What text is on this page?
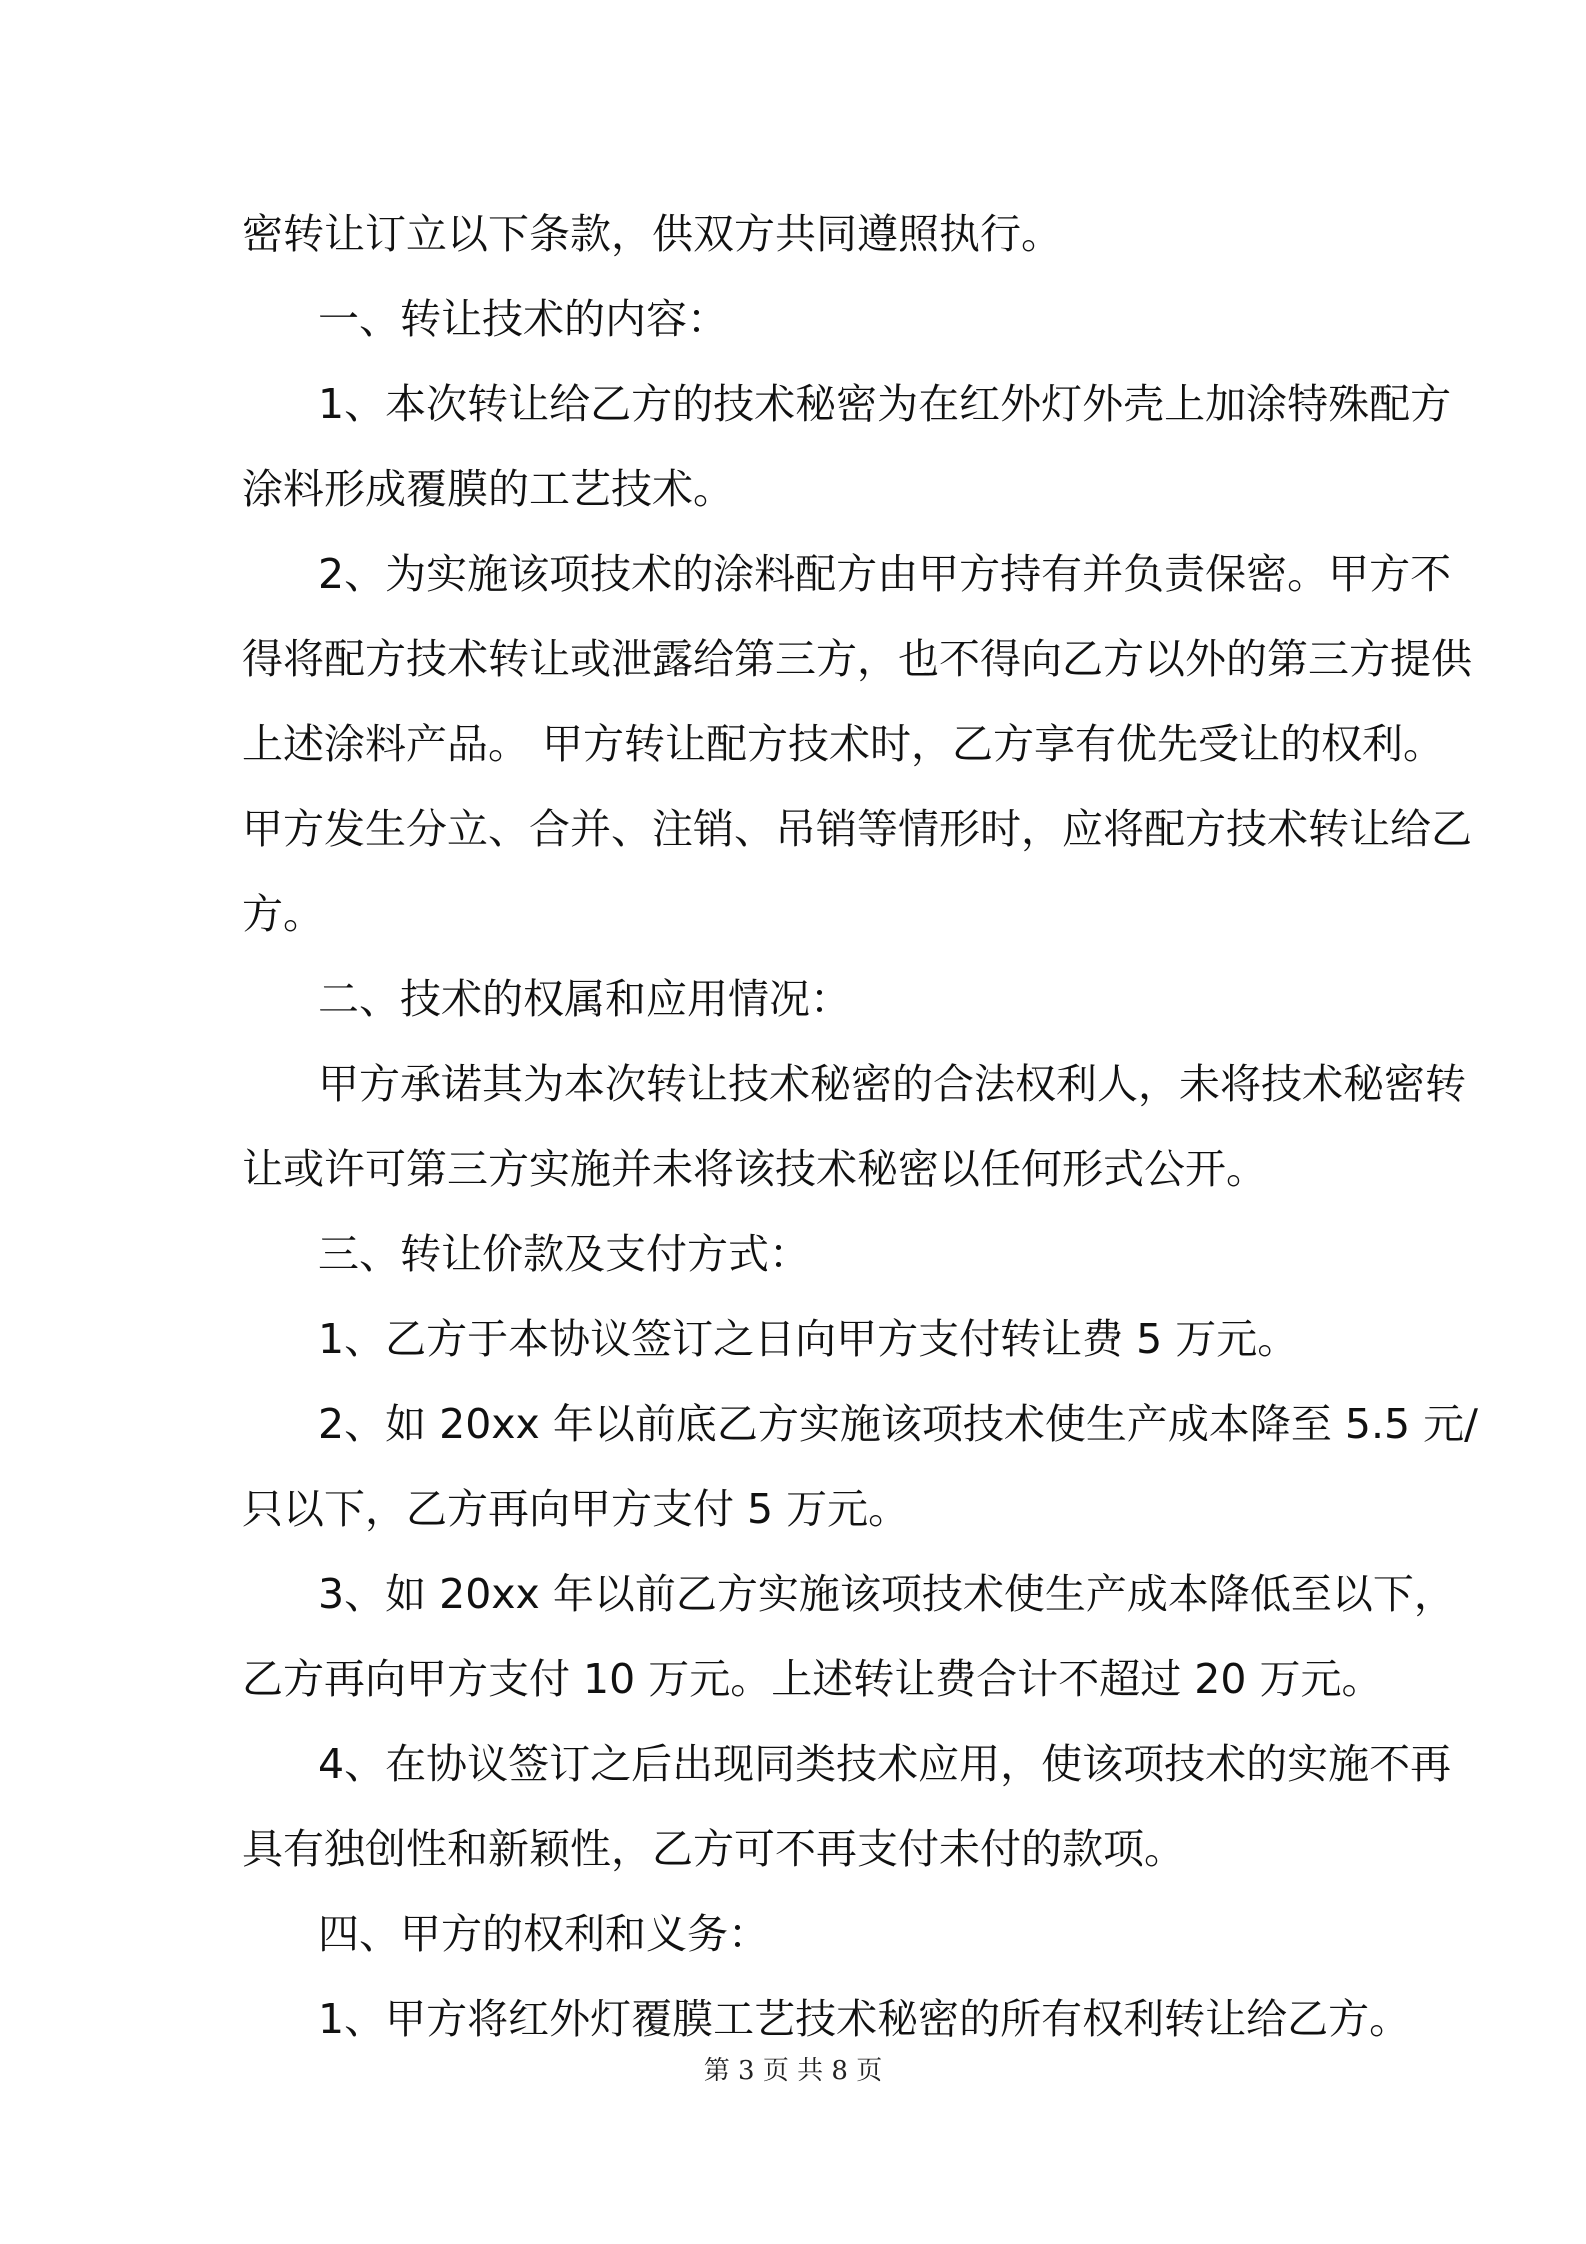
密转让订立以下条款，供双方共同遵照执行。
一、转让技术的内容：
1、本次转让给乙方的技术秘密为在红外灯外壳上加涂特殊配方
涂料形成覆膜的工艺技术。
2、为实施该项技术的涂料配方由甲方持有并负责保密。甲方不
得将配方技术转让或泄露给第三方，也不得向乙方以外的第三方提供
上述涂料产品。 甲方转让配方技术时，乙方享有优先受让的权利。
甲方发生分立、合并、注销、吊销等情形时，应将配方技术转让给乙
方。
二、技术的权属和应用情况：
甲方承诺其为本次转让技术秘密的合法权利人，未将技术秘密转
让或许可第三方实施并未将该技术秘密以任何形式公开。
三、转让价款及支付方式：
1、乙方于本协议签订之日向甲方支付转让费 5 万元。
2、如 20xx 年以前底乙方实施该项技术使生产成本降至 5.5 元/
只以下，乙方再向甲方支付 5 万元。
3、如 20xx 年以前乙方实施该项技术使生产成本降低至以下，
乙方再向甲方支付 10 万元。上述转让费合计不超过 20 万元。
4、在协议签订之后出现同类技术应用，使该项技术的实施不再
具有独创性和新颖性，乙方可不再支付未付的款项。
四、甲方的权利和义务：
1、甲方将红外灯覆膜工艺技术秘密的所有权利转让给乙方。
第 3 页 共 8 页
